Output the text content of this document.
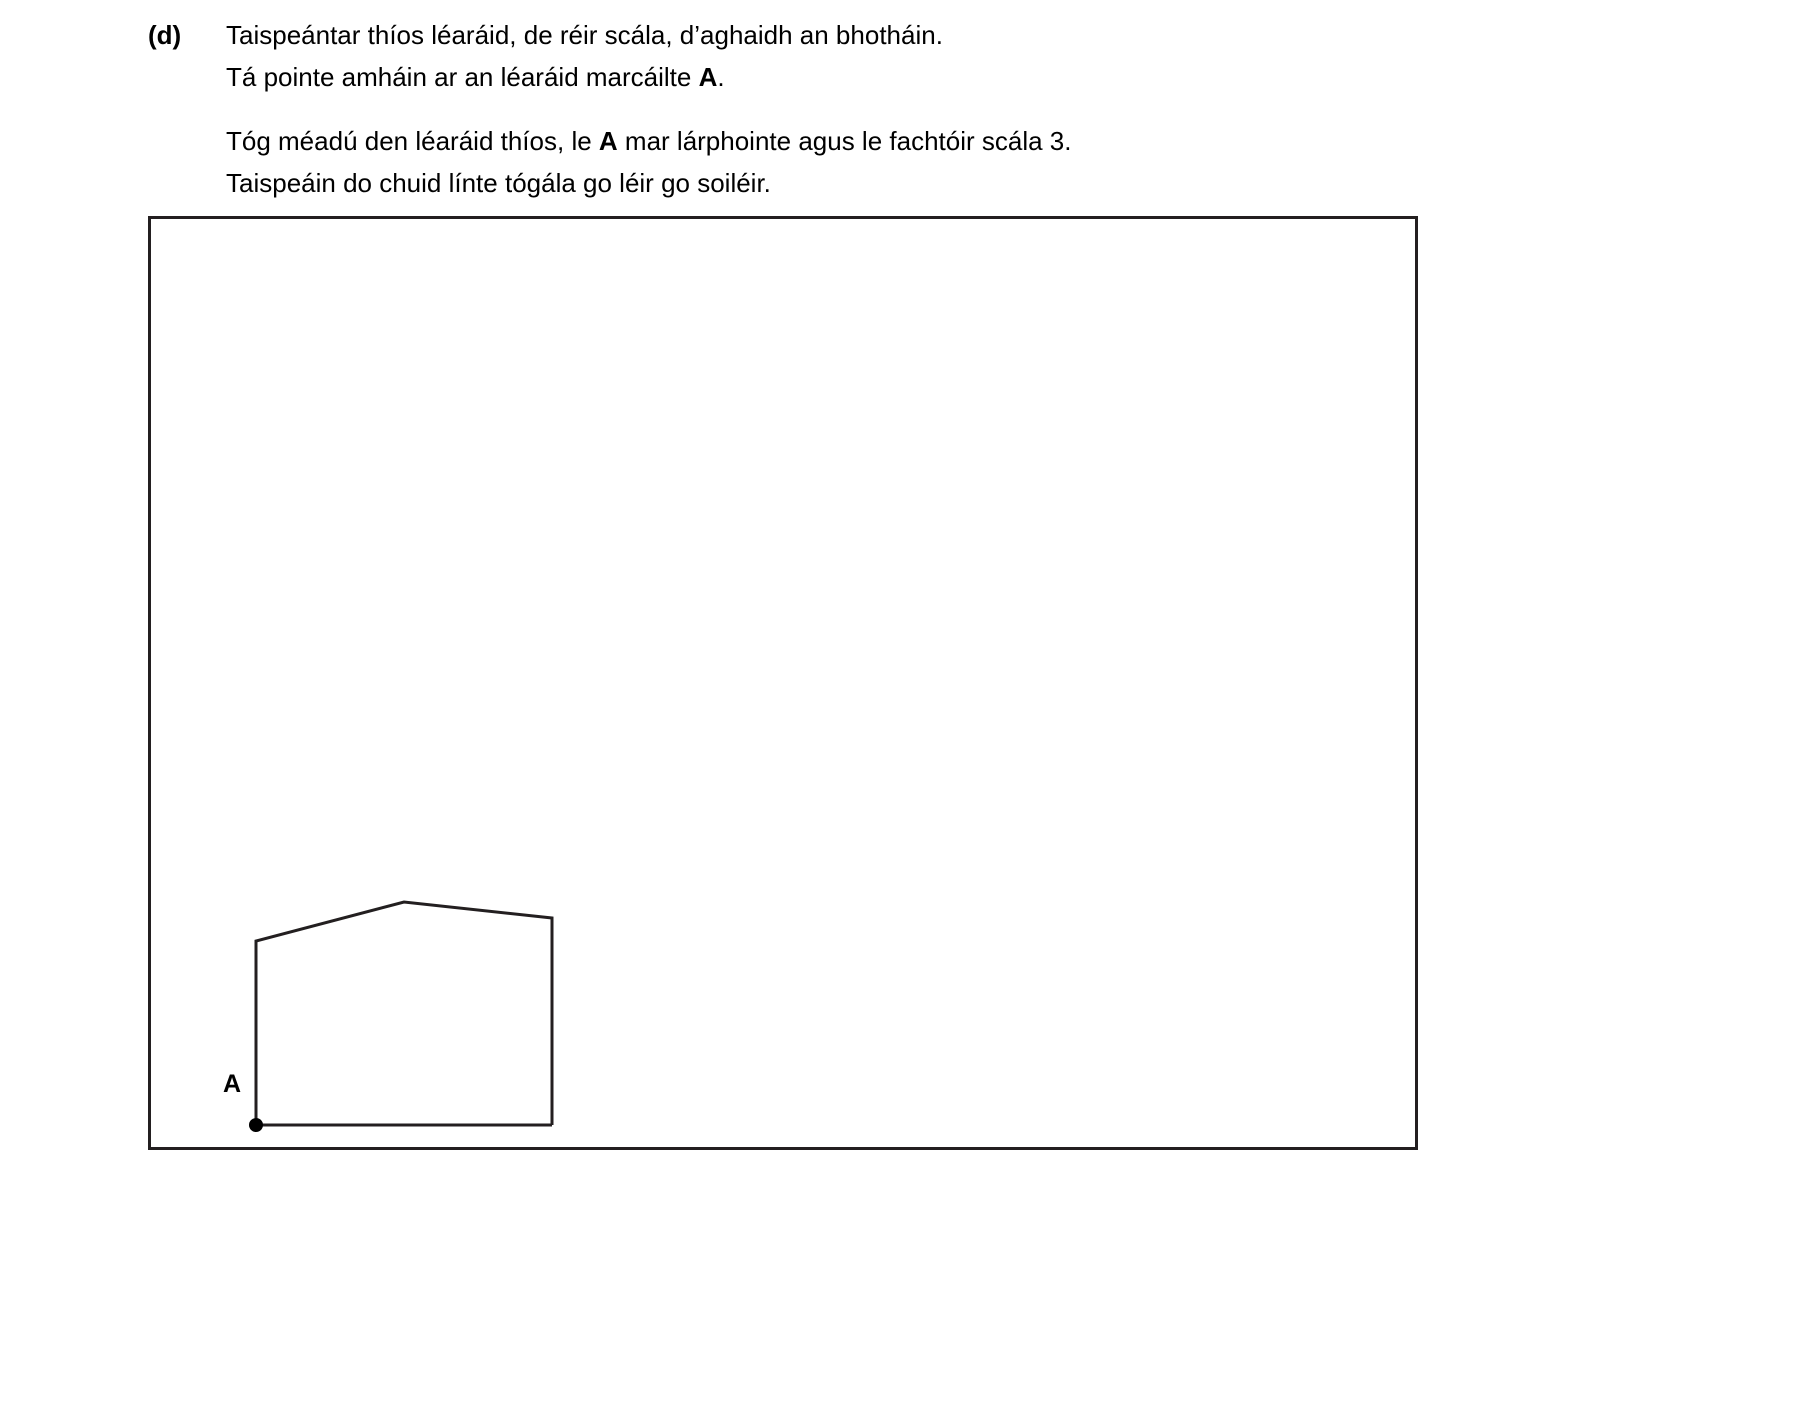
(d)	Taispeántar thíos léaráid, de réir scála, d’aghaidh an bhotháin.
Tá pointe amháin ar an léaráid marcáilte A.
Tóg méadú den léaráid thíos, le A mar lárphointe agus le fachtóir scála 3.
Taispeáin do chuid línte tógála go léir go soiléir.
A
